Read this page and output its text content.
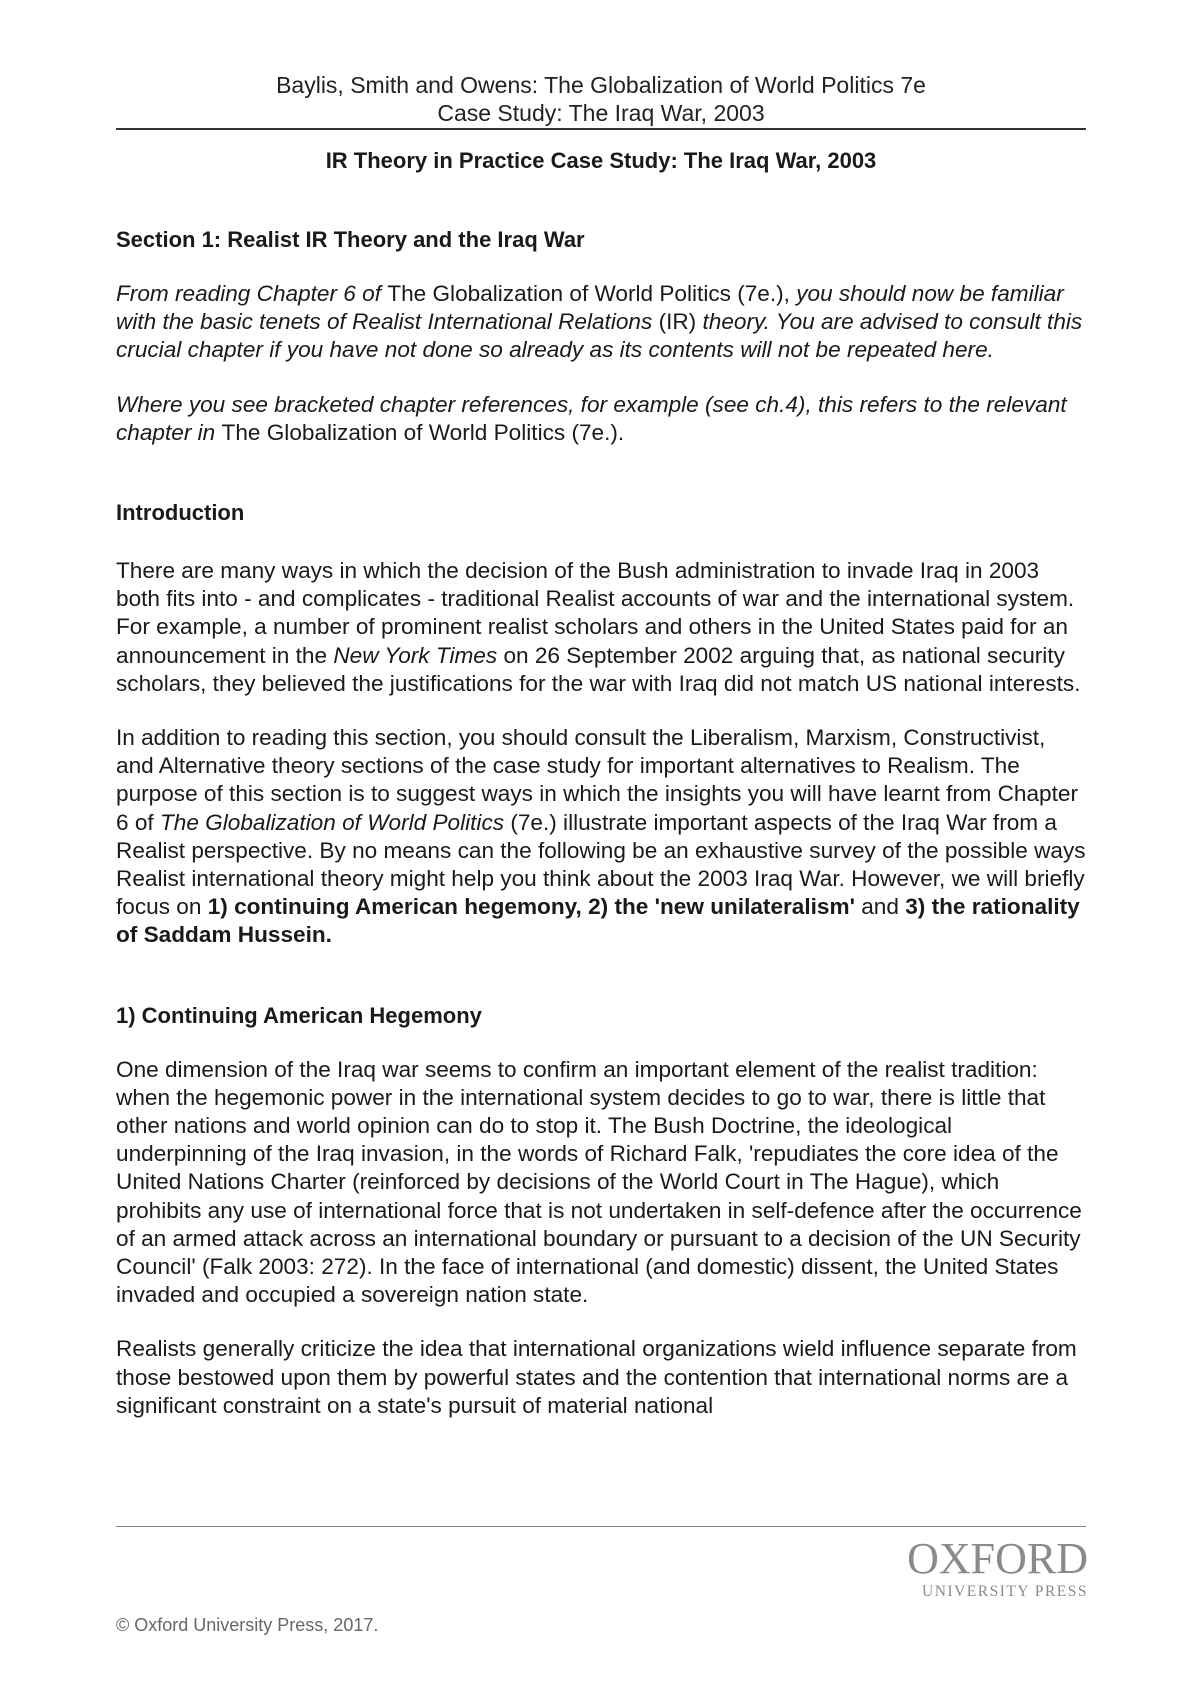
Baylis, Smith and Owens: The Globalization of World Politics 7e
Case Study: The Iraq War, 2003
IR Theory in Practice Case Study: The Iraq War, 2003
Section 1: Realist IR Theory and the Iraq War

From reading Chapter 6 of The Globalization of World Politics (7e.), you should now be familiar with the basic tenets of Realist International Relations (IR) theory. You are advised to consult this crucial chapter if you have not done so already as its contents will not be repeated here.

Where you see bracketed chapter references, for example (see ch.4), this refers to the relevant chapter in The Globalization of World Politics (7e.).

Introduction

There are many ways in which the decision of the Bush administration to invade Iraq in 2003 both fits into - and complicates - traditional Realist accounts of war and the international system. For example, a number of prominent realist scholars and others in the United States paid for an announcement in the New York Times on 26 September 2002 arguing that, as national security scholars, they believed the justifications for the war with Iraq did not match US national interests.

In addition to reading this section, you should consult the Liberalism, Marxism, Constructivist, and Alternative theory sections of the case study for important alternatives to Realism. The purpose of this section is to suggest ways in which the insights you will have learnt from Chapter 6 of The Globalization of World Politics (7e.) illustrate important aspects of the Iraq War from a Realist perspective. By no means can the following be an exhaustive survey of the possible ways Realist international theory might help you think about the 2003 Iraq War. However, we will briefly focus on 1) continuing American hegemony, 2) the 'new unilateralism' and 3) the rationality of Saddam Hussein.

1) Continuing American Hegemony

One dimension of the Iraq war seems to confirm an important element of the realist tradition: when the hegemonic power in the international system decides to go to war, there is little that other nations and world opinion can do to stop it. The Bush Doctrine, the ideological underpinning of the Iraq invasion, in the words of Richard Falk, 'repudiates the core idea of the United Nations Charter (reinforced by decisions of the World Court in The Hague), which prohibits any use of international force that is not undertaken in self-defence after the occurrence of an armed attack across an international boundary or pursuant to a decision of the UN Security Council' (Falk 2003: 272). In the face of international (and domestic) dissent, the United States invaded and occupied a sovereign nation state.

Realists generally criticize the idea that international organizations wield influence separate from those bestowed upon them by powerful states and the contention that international norms are a significant constraint on a state's pursuit of material national

OXFORD
UNIVERSITY PRESS
© Oxford University Press, 2017.
